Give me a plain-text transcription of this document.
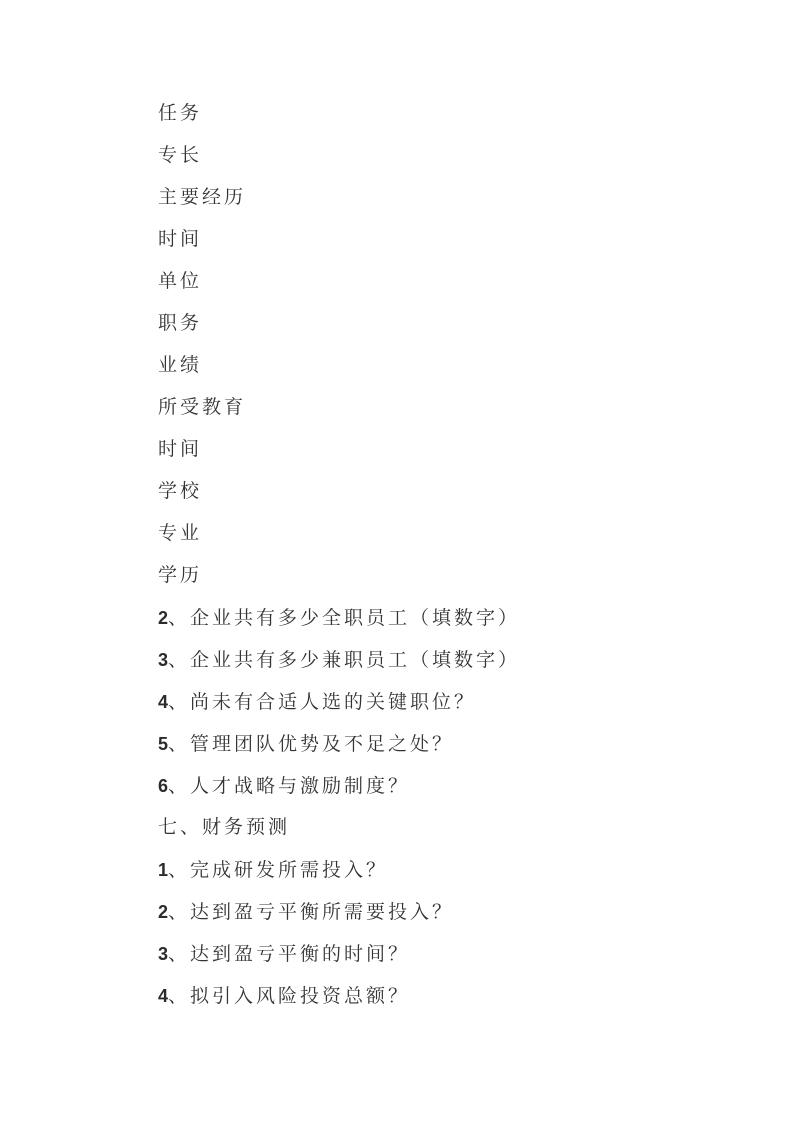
任务

专长

主要经历

时间

单位

职务

业绩

所受教育

时间

学校

专业

学历

2、企业共有多少全职员工（填数字）

3、企业共有多少兼职员工（填数字）

4、尚未有合适人选的关键职位？

5、管理团队优势及不足之处？

6、人才战略与激励制度？

七、财务预测

1、完成研发所需投入？

2、达到盈亏平衡所需要投入？

3、达到盈亏平衡的时间？

4、拟引入风险投资总额？
